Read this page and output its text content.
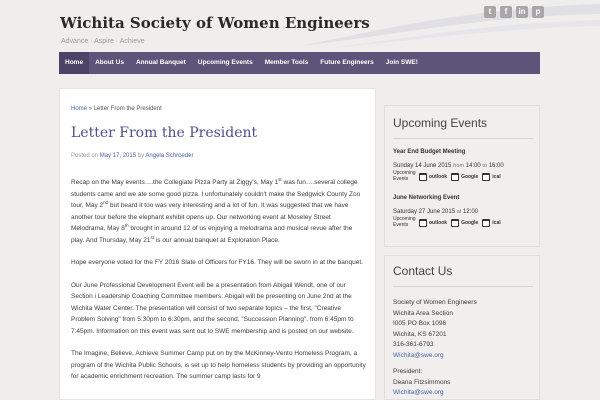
Wichita Society of Women Engineers
Advance · Aspire · Achieve
t	f	in	p
Home	About Us	Annual Banquet	Upcoming Events	Member Tools	Future Engineers	Join SWE!
Home » Letter From the President
Letter From the President
Posted on May 17, 2015 by Angela Schroeder

Recap on the May events….the Collegiate Pizza Party at Ziggy's, May 1st was fun….several college students came and we ate some good pizza. I unfortunately couldn't make the Sedgwick County Zoo tour, May 2nd but heard it too was very interesting and a lot of fun. It was suggested that we have another tour before the elephant exhibit opens up. Our networking event at Moseley Street Melodrama, May 8th brought in around 12 of us enjoying a melodrama and musical revue after the play. And Thursday, May 21st is our annual banquet at Exploration Place.

Hope everyone voted for the FY 2016 Slate of Officers for FY16. They will be sworn in at the banquet.

Our June Professional Development Event will be a presentation from Abigail Wendt, one of our Section i Leadership Coaching Committee members. Abigail will be presenting on June 2nd at the Wichita Water Center. The presentation will consist of two separate topics – the first, "Creative Problem Solving" from 5:30pm to 6:30pm, and the second, "Succession Planning", from 6:45pm to 7:45pm. Information on this event was sent out to SWE membership and is posted on our website.

The Imagine, Believe, Achieve Summer Camp put on by the McKinney-Vento Homeless Program, a program of the Wichita Public Schools, is set up to help homeless students by providing an opportunity for academic enrichment recreation. The summer camp lasts for 9

Upcoming Events
Year End Budget Meeting
Sunday 14 June 2015 from 14:00 to 16:00
Upcoming Events	outlook	Google	ical
June Networking Event
Saturday 27 June 2015 at 12:00
Upcoming Events	outlook	Google	ical
Contact Us
Society of Women Engineers
Wichita Area Section
I005 PO Box 1096
Wichita, KS 67201
316-361-6793
Wichita@swe.org
President:
Deana Fitzsimmons
Wichita@swe.org
